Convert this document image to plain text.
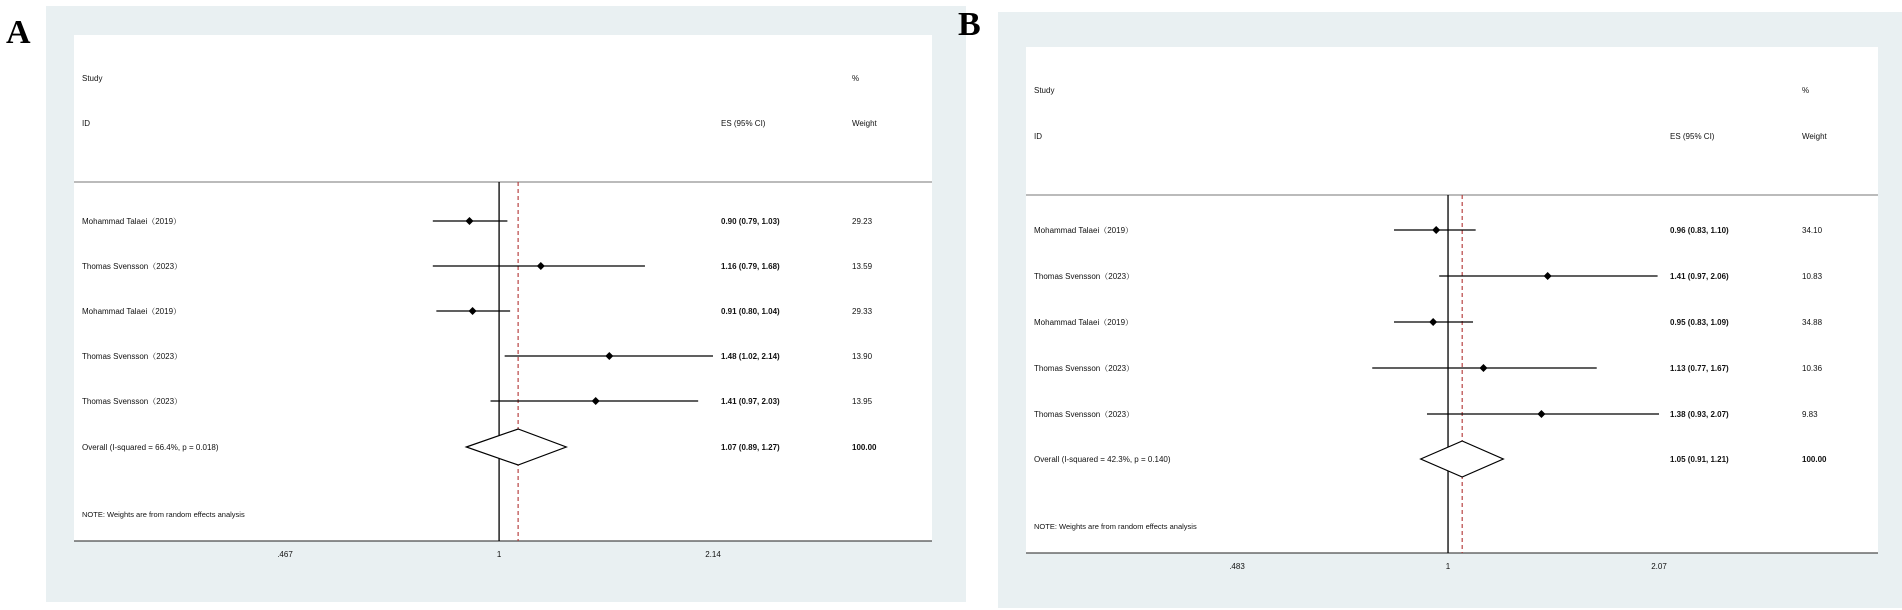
A	B
Study
ID	ES (95% CI)
%
Weight
.467	1	2.14
Mohammad Talaei（2019）	0.90 (0.79, 1.03)	29.23
Thomas Svensson（2023）	1.16 (0.79, 1.68)	13.59
Mohammad Talaei（2019）	0.91 (0.80, 1.04)	29.33
Thomas Svensson（2023）	1.48 (1.02, 2.14)	13.90
Thomas Svensson（2023）	1.41 (0.97, 2.03)	13.95
Overall (I-squared = 66.4%, p = 0.018)	1.07 (0.89, 1.27)	100.00
NOTE: Weights are from random effects analysis
Study
ID	ES (95% CI)
%
Weight
.483	1	2.07
Mohammad Talaei（2019）	0.96 (0.83, 1.10)	34.10
Thomas Svensson（2023）	1.41 (0.97, 2.06)	10.83
Mohammad Talaei（2019）	0.95 (0.83, 1.09)	34.88
Thomas Svensson（2023）	1.13 (0.77, 1.67)	10.36
Thomas Svensson（2023）	1.38 (0.93, 2.07)	9.83
Overall (I-squared = 42.3%, p = 0.140)	1.05 (0.91, 1.21)	100.00
NOTE: Weights are from random effects analysis
